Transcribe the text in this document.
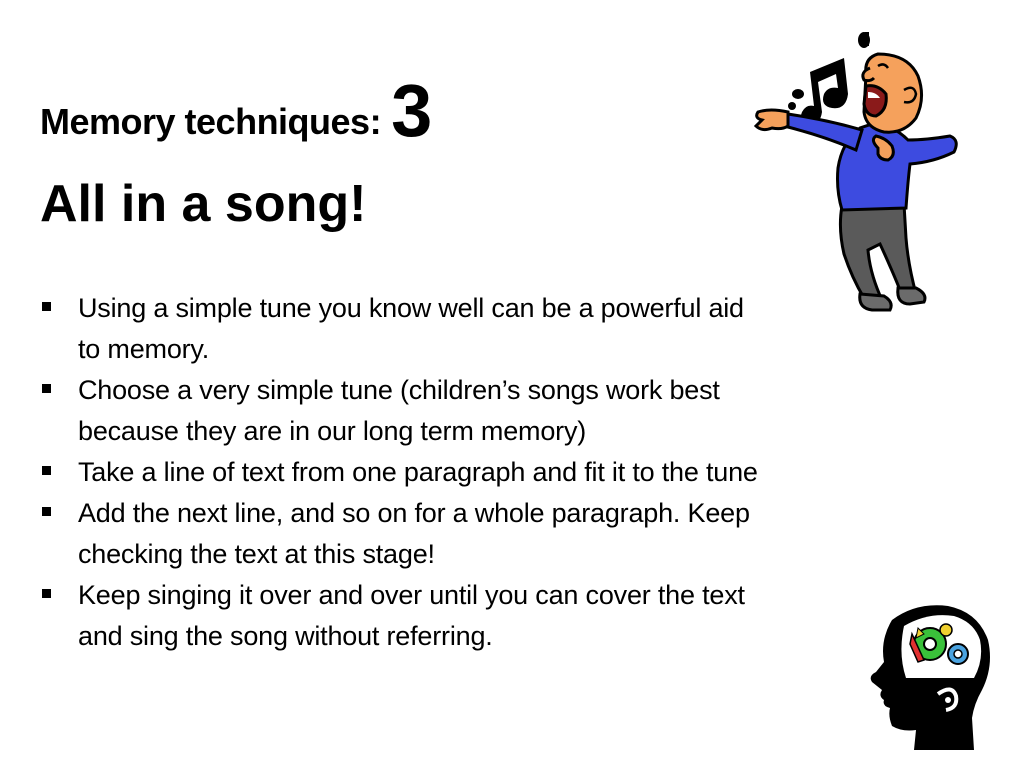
Memory techniques: 3
All in a song!
Using a simple tune you know well can be a powerful aid to memory.
Choose a very simple tune (children’s songs work best because they are in our long term memory)
Take a line of text from one paragraph and fit it to the tune
Add the next line, and so on for a whole paragraph. Keep checking the text at this stage!
Keep singing it over and over until you can cover the text and sing the song without referring.
